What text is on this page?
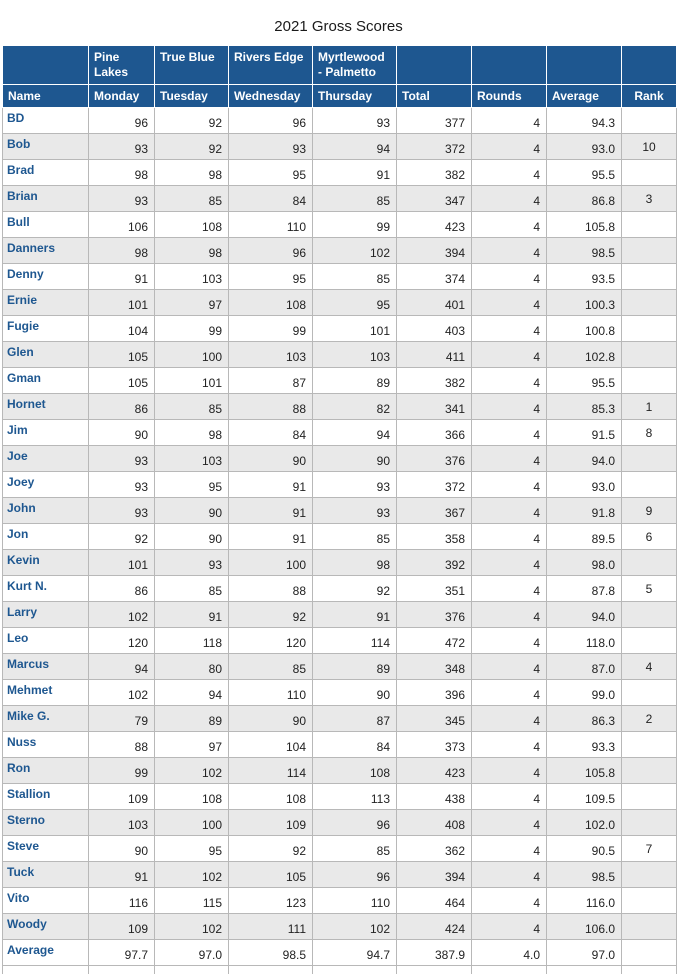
2021 Gross Scores
	Pine Lakes	True Blue	Rivers Edge	Myrtlewood - Palmetto				
Name	Monday	Tuesday	Wednesday	Thursday	Total	Rounds	Average	Rank
BD	96	92	96	93	377	4	94.3	
Bob	93	92	93	94	372	4	93.0	10
Brad	98	98	95	91	382	4	95.5	
Brian	93	85	84	85	347	4	86.8	3
Bull	106	108	110	99	423	4	105.8	
Danners	98	98	96	102	394	4	98.5	
Denny	91	103	95	85	374	4	93.5	
Ernie	101	97	108	95	401	4	100.3	
Fugie	104	99	99	101	403	4	100.8	
Glen	105	100	103	103	411	4	102.8	
Gman	105	101	87	89	382	4	95.5	
Hornet	86	85	88	82	341	4	85.3	1
Jim	90	98	84	94	366	4	91.5	8
Joe	93	103	90	90	376	4	94.0	
Joey	93	95	91	93	372	4	93.0	
John	93	90	91	93	367	4	91.8	9
Jon	92	90	91	85	358	4	89.5	6
Kevin	101	93	100	98	392	4	98.0	
Kurt N.	86	85	88	92	351	4	87.8	5
Larry	102	91	92	91	376	4	94.0	
Leo	120	118	120	114	472	4	118.0	
Marcus	94	80	85	89	348	4	87.0	4
Mehmet	102	94	110	90	396	4	99.0	
Mike G.	79	89	90	87	345	4	86.3	2
Nuss	88	97	104	84	373	4	93.3	
Ron	99	102	114	108	423	4	105.8	
Stallion	109	108	108	113	438	4	109.5	
Sterno	103	100	109	96	408	4	102.0	
Steve	90	95	92	85	362	4	90.5	7
Tuck	91	102	105	96	394	4	98.5	
Vito	116	115	123	110	464	4	116.0	
Woody	109	102	111	102	424	4	106.0	
Average	97.7	97.0	98.5	94.7	387.9	4.0	97.0	
